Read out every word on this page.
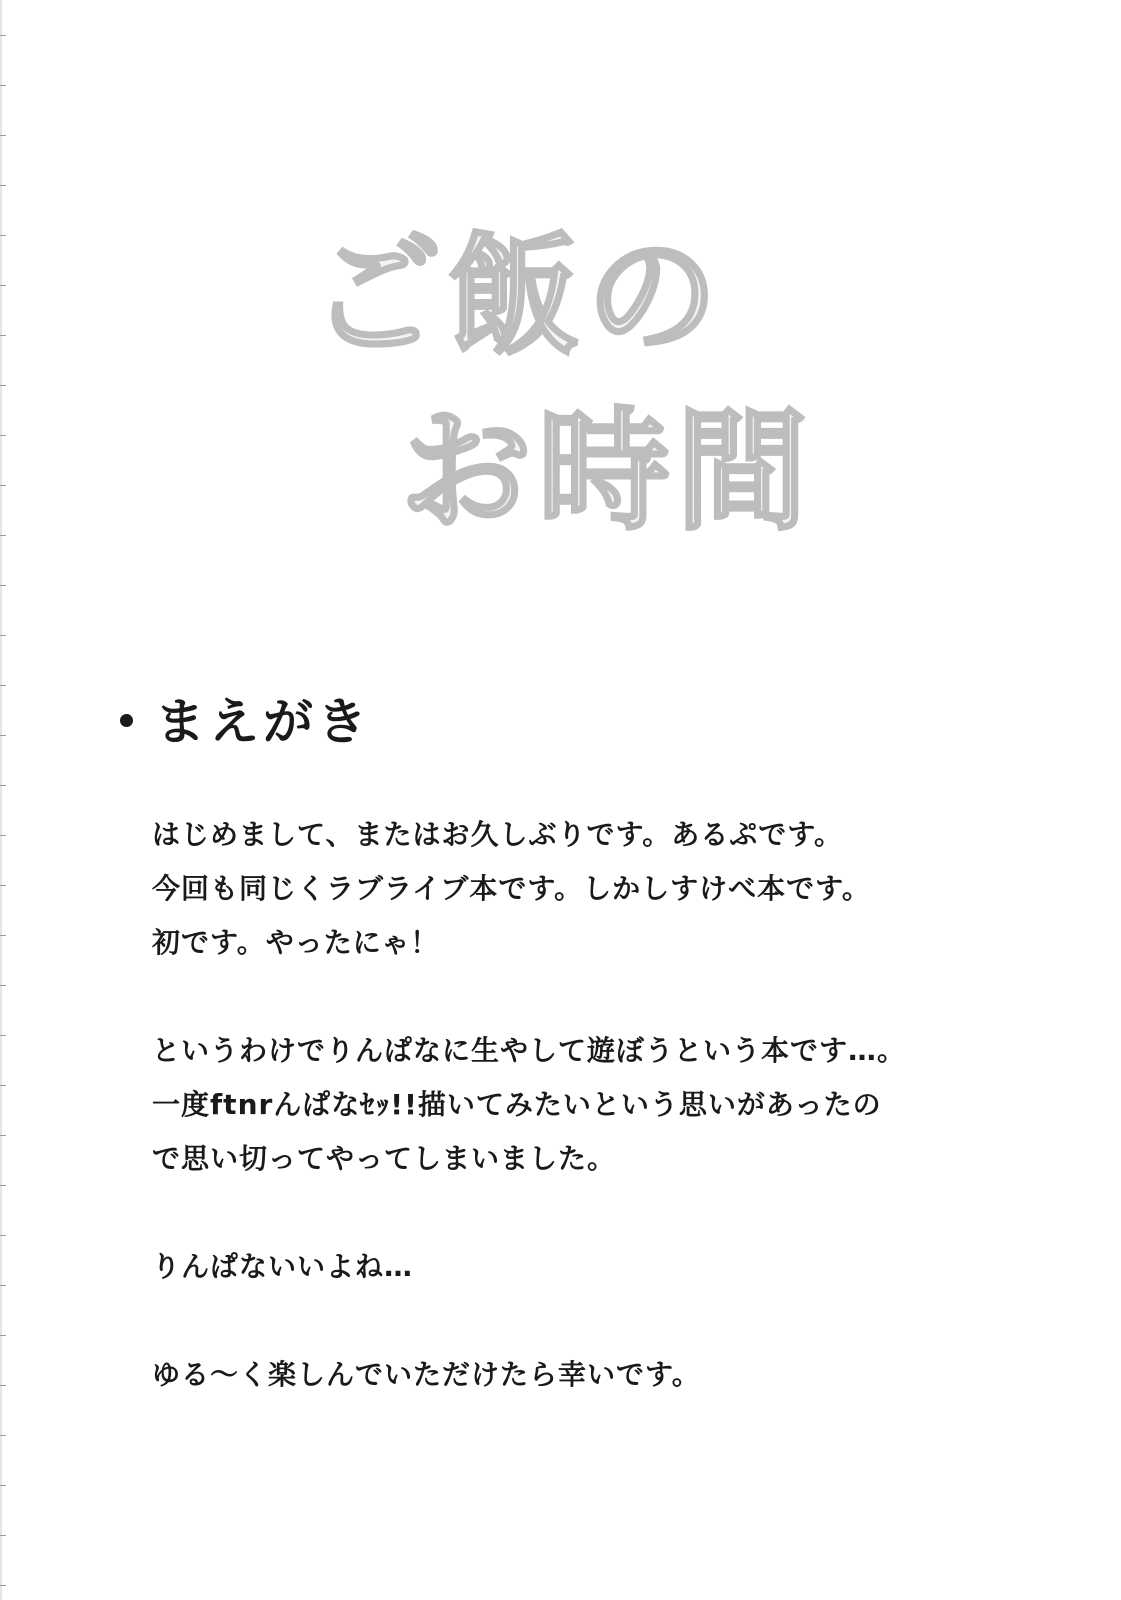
ご飯の
お時間
まえがき
はじめまして、またはお久しぶりです。あるぷです。
今回も同じくラブライブ本です。しかしすけべ本です。
初です。やったにゃ！
というわけでりんぱなに生やして遊ぼうという本です…。
一度ftnrんぱなｾｯ!!描いてみたいという思いがあったの
で思い切ってやってしまいました。
りんぱないいよね…
ゆる～く楽しんでいただけたら幸いです。
